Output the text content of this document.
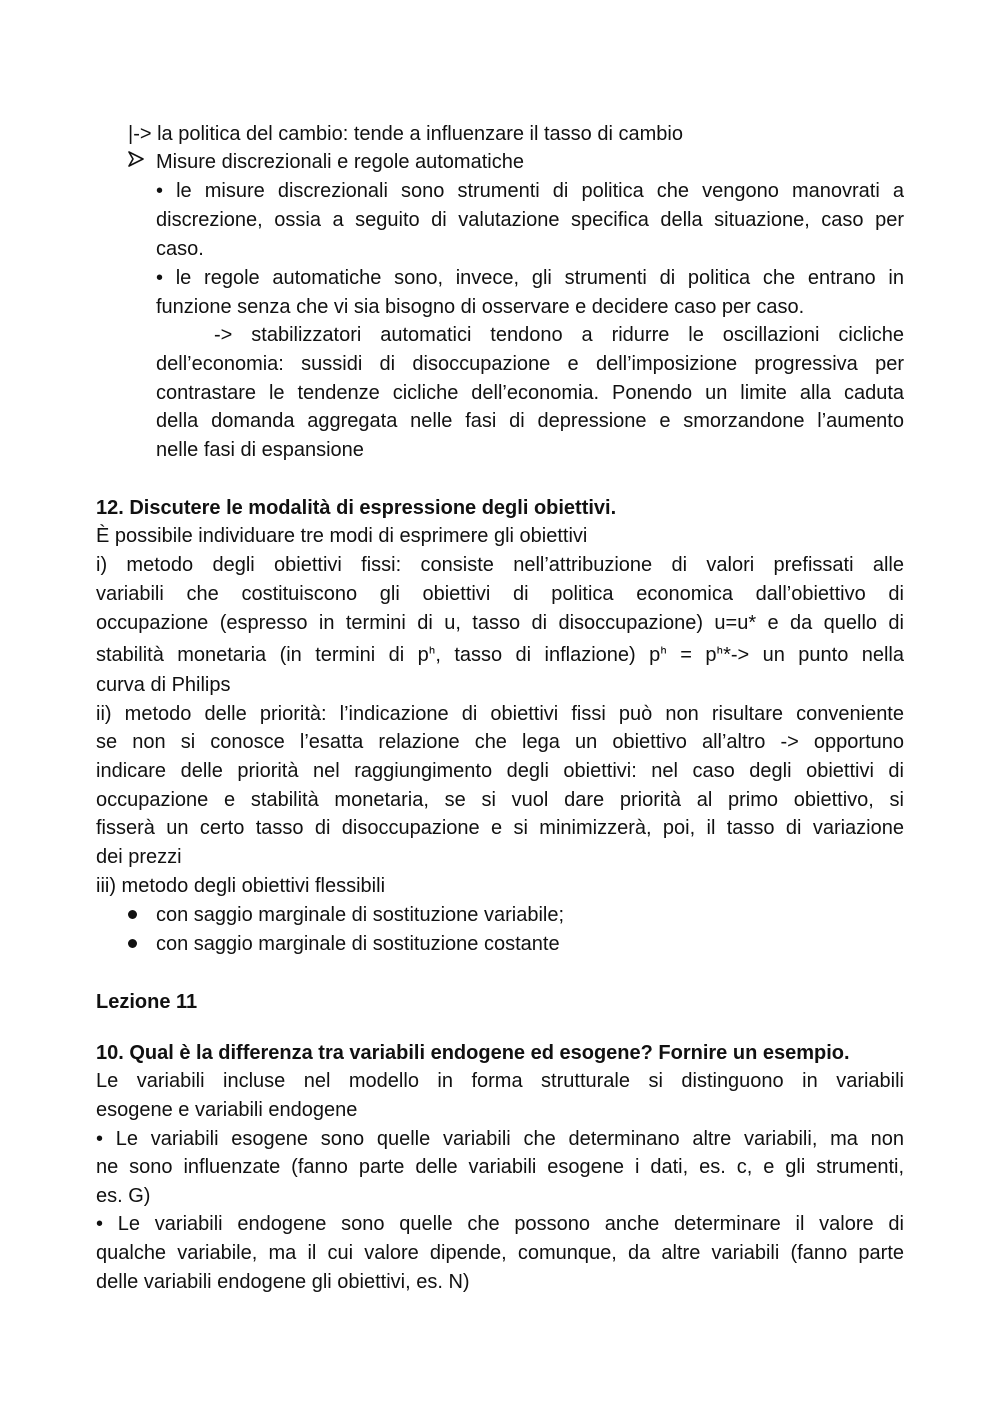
|-> la politica del cambio: tende a influenzare il tasso di cambio

Misure discrezionali e regole automatiche

• le misure discrezionali sono strumenti di politica che vengono manovrati a

discrezione, ossia a seguito di valutazione specifica della situazione, caso per

caso.

• le regole automatiche sono, invece, gli strumenti di politica che entrano in

funzione senza che vi sia bisogno di osservare e decidere caso per caso.

-> stabilizzatori automatici tendono a ridurre le oscillazioni cicliche

dell’economia: sussidi di disoccupazione e dell’imposizione progressiva per

contrastare le tendenze cicliche dell’economia. Ponendo un limite alla caduta

della domanda aggregata nelle fasi di depressione e smorzandone l’aumento

nelle fasi di espansione

12. Discutere le modalità di espressione degli obiettivi.

È possibile individuare tre modi di esprimere gli obiettivi

i) metodo degli obiettivi fissi: consiste nell’attribuzione di valori prefissati alle

variabili che costituiscono gli obiettivi di politica economica dall’obiettivo di

occupazione (espresso in termini di u, tasso di disoccupazione) u=u* e da quello di

stabilità monetaria (in termini di pᑋ, tasso di inflazione) pᑋ = pᑋ*-> un punto nella

curva di Philips

ii) metodo delle priorità: l’indicazione di obiettivi fissi può non risultare conveniente

se non si conosce l’esatta relazione che lega un obiettivo all’altro -> opportuno

indicare delle priorità nel raggiungimento degli obiettivi: nel caso degli obiettivi di

occupazione e stabilità monetaria, se si vuol dare priorità al primo obiettivo, si

fisserà un certo tasso di disoccupazione e si minimizzerà, poi, il tasso di variazione

dei prezzi

iii) metodo degli obiettivi flessibili

con saggio marginale di sostituzione variabile;

con saggio marginale di sostituzione costante

Lezione 11

10. Qual è la differenza tra variabili endogene ed esogene? Fornire un esempio.

Le variabili incluse nel modello in forma strutturale si distinguono in variabili

esogene e variabili endogene

• Le variabili esogene sono quelle variabili che determinano altre variabili, ma non

ne sono influenzate (fanno parte delle variabili esogene i dati, es. c, e gli strumenti,

es. G)

• Le variabili endogene sono quelle che possono anche determinare il valore di

qualche variabile, ma il cui valore dipende, comunque, da altre variabili (fanno parte

delle variabili endogene gli obiettivi, es. N)
